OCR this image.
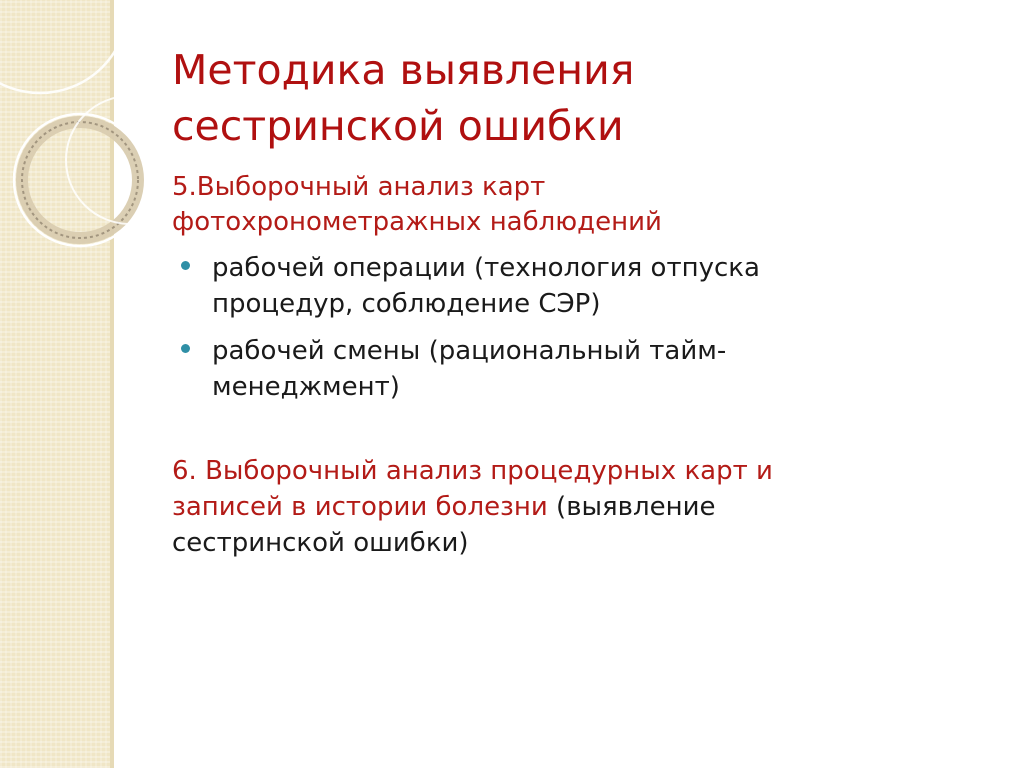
Методика выявления
сестринской ошибки

5.Выборочный анализ карт
фотохронометражных наблюдений

рабочей операции (технология отпуска
процедур, соблюдение СЭР)
рабочей смены (рациональный тайм-
менеджмент)

6. Выборочный анализ процедурных карт и
записей в истории болезни (выявление
сестринской ошибки)
